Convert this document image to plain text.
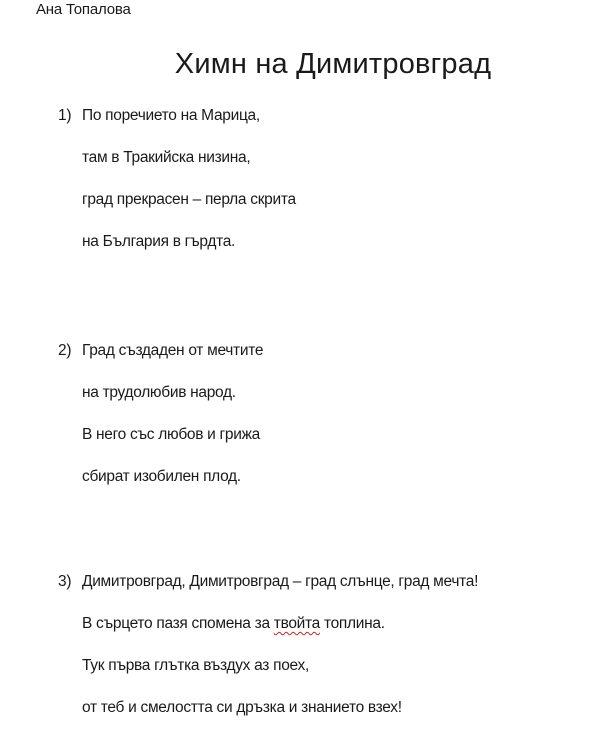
Ана Топалова
Химн на Димитровград
1) По поречието на Марица,
там в Тракийска низина,
град прекрасен – перла скрита
на България в гърдта.
2) Град създаден от мечтите
на трудолюбив народ.
В него със любов и грижа
сбират изобилен плод.
3) Димитровград, Димитровград – град слънце, град мечта!
В сърцето пазя спомена за твойта топлина.
Тук първа глътка въздух аз поех,
от теб и смелостта си дръзка и знанието взех!
